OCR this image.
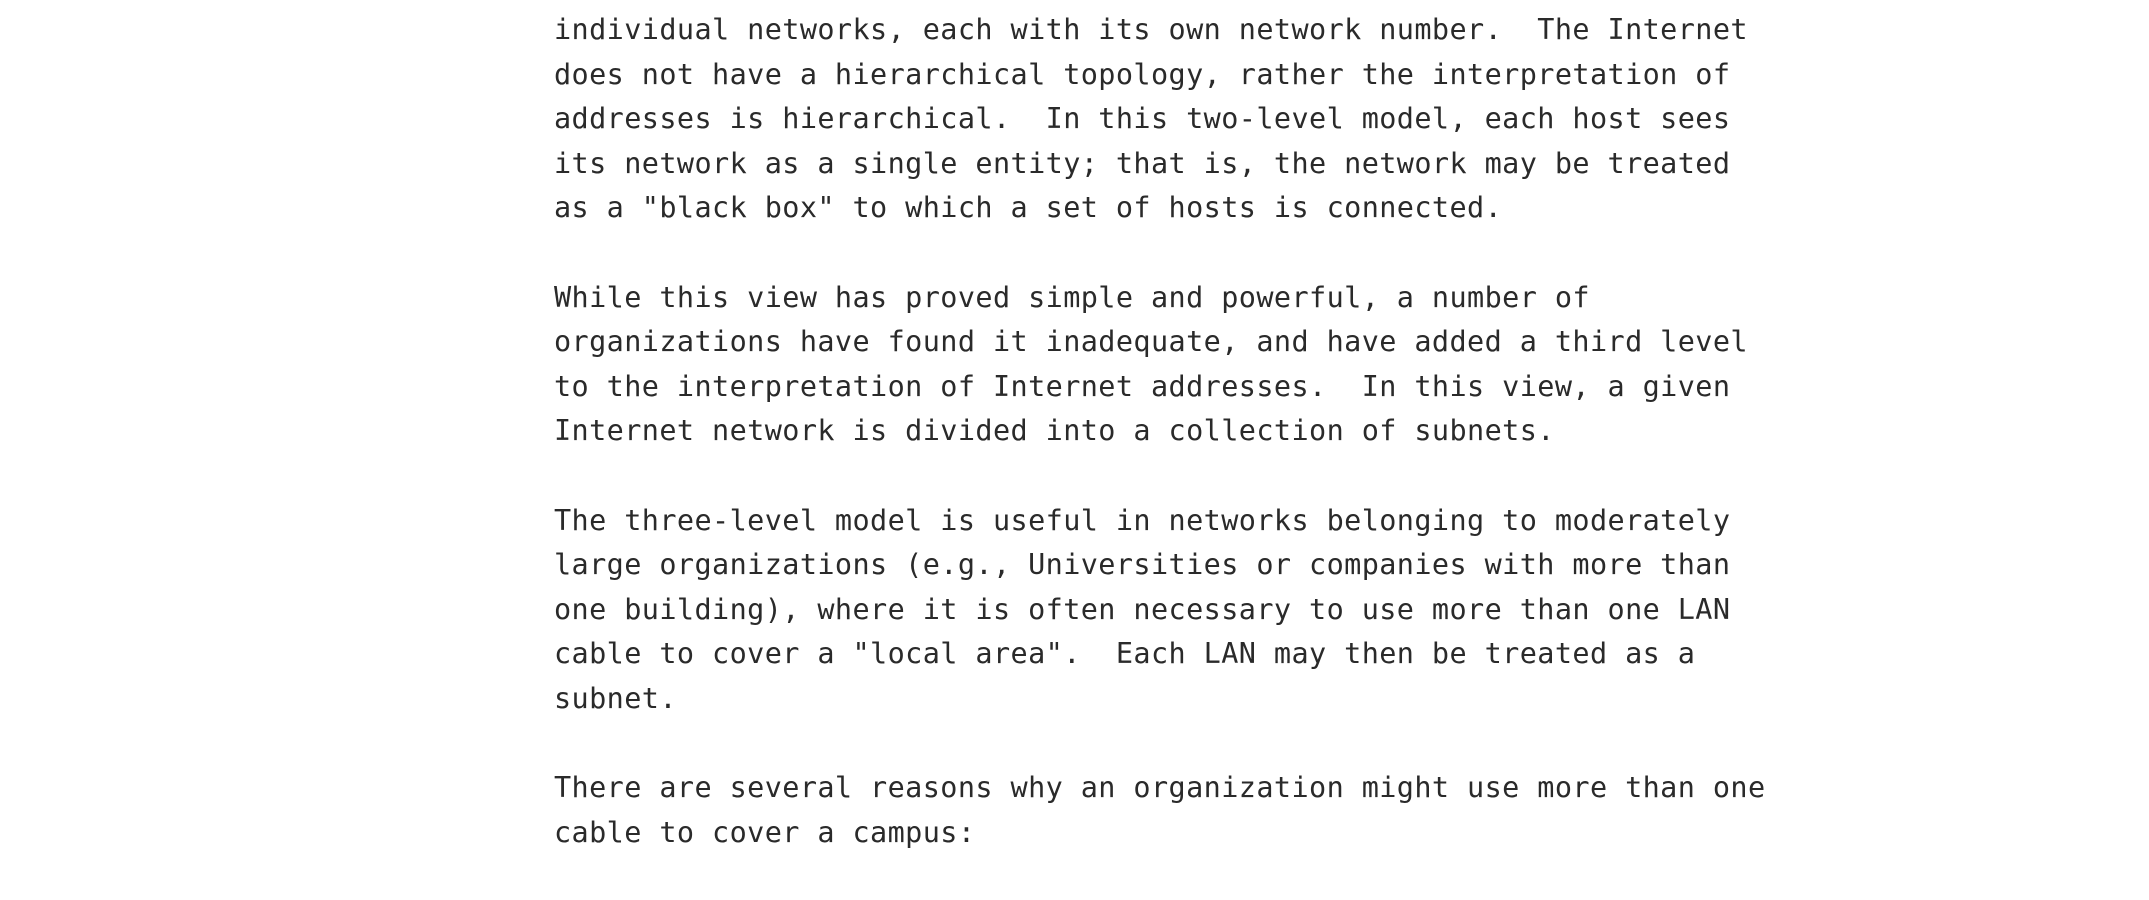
individual networks, each with its own network number.  The Internet
does not have a hierarchical topology, rather the interpretation of
addresses is hierarchical.  In this two-level model, each host sees
its network as a single entity; that is, the network may be treated
as a "black box" to which a set of hosts is connected.
While this view has proved simple and powerful, a number of
organizations have found it inadequate, and have added a third level
to the interpretation of Internet addresses.  In this view, a given
Internet network is divided into a collection of subnets.
The three-level model is useful in networks belonging to moderately
large organizations (e.g., Universities or companies with more than
one building), where it is often necessary to use more than one LAN
cable to cover a "local area".  Each LAN may then be treated as a
subnet.
There are several reasons why an organization might use more than one
cable to cover a campus:
